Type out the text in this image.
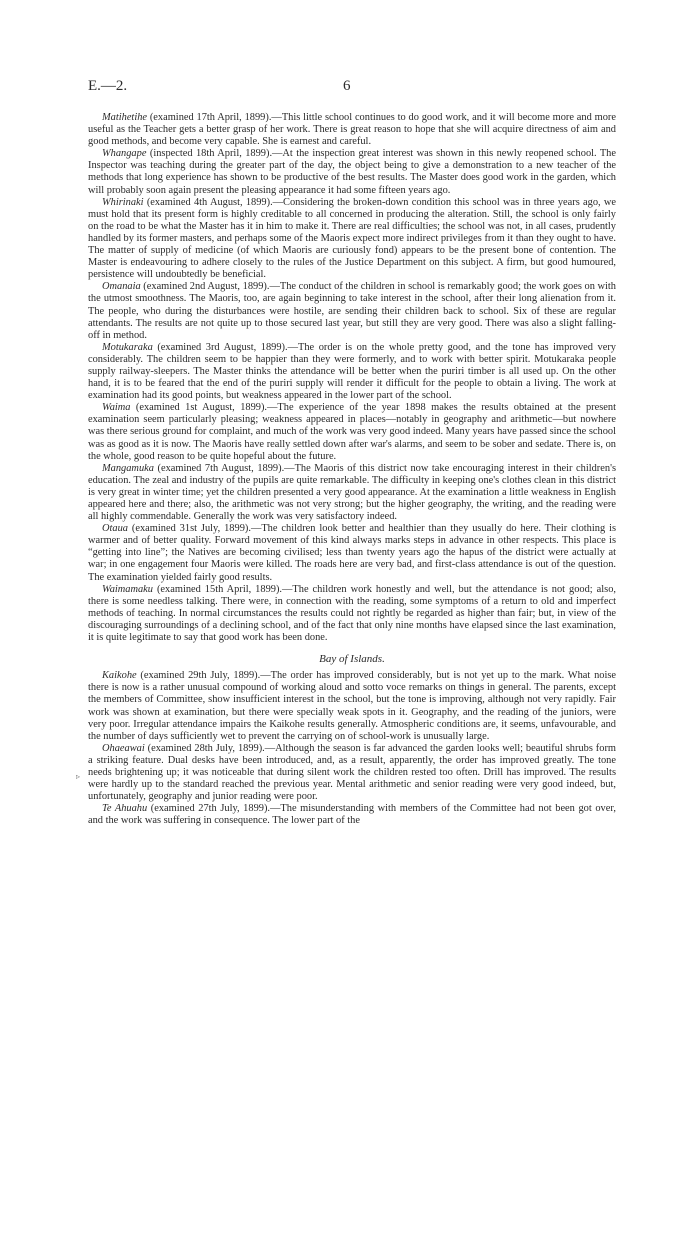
E.—2.	6
▹

Matihetihe (examined 17th April, 1899).—This little school continues to do good work, and it will become more and more useful as the Teacher gets a better grasp of her work. There is great reason to hope that she will acquire directness of aim and good methods, and become very capable. She is earnest and careful.

Whangape (inspected 18th April, 1899).—At the inspection great interest was shown in this newly reopened school. The Inspector was teaching during the greater part of the day, the object being to give a demonstration to a new teacher of the methods that long experience has shown to be productive of the best results. The Master does good work in the garden, which will probably soon again present the pleasing appearance it had some fifteen years ago.

Whirinaki (examined 4th August, 1899).—Considering the broken-down condition this school was in three years ago, we must hold that its present form is highly creditable to all concerned in producing the alteration. Still, the school is only fairly on the road to be what the Master has it in him to make it. There are real difficulties; the school was not, in all cases, prudently handled by its former masters, and perhaps some of the Maoris expect more indirect privileges from it than they ought to have. The matter of supply of medicine (of which Maoris are curiously fond) appears to be the present bone of contention. The Master is endeavouring to adhere closely to the rules of the Justice Department on this subject. A firm, but good humoured, persistence will undoubtedly be beneficial.

Omanaia (examined 2nd August, 1899).—The conduct of the children in school is remarkably good; the work goes on with the utmost smoothness. The Maoris, too, are again beginning to take interest in the school, after their long alienation from it. The people, who during the disturbances were hostile, are sending their children back to school. Six of these are regular attendants. The results are not quite up to those secured last year, but still they are very good. There was also a slight falling-off in method.

Motukaraka (examined 3rd August, 1899).—The order is on the whole pretty good, and the tone has improved very considerably. The children seem to be happier than they were formerly, and to work with better spirit. Motukaraka people supply railway-sleepers. The Master thinks the attendance will be better when the puriri timber is all used up. On the other hand, it is to be feared that the end of the puriri supply will render it difficult for the people to obtain a living. The work at examination had its good points, but weakness appeared in the lower part of the school.

Waima (examined 1st August, 1899).—The experience of the year 1898 makes the results obtained at the present examination seem particularly pleasing; weakness appeared in places—notably in geography and arithmetic—but nowhere was there serious ground for complaint, and much of the work was very good indeed. Many years have passed since the school was as good as it is now. The Maoris have really settled down after war's alarms, and seem to be sober and sedate. There is, on the whole, good reason to be quite hopeful about the future.

Mangamuka (examined 7th August, 1899).—The Maoris of this district now take encouraging interest in their children's education. The zeal and industry of the pupils are quite remarkable. The difficulty in keeping one's clothes clean in this district is very great in winter time; yet the children presented a very good appearance. At the examination a little weakness in English appeared here and there; also, the arithmetic was not very strong; but the higher geography, the writing, and the reading were all highly commendable. Generally the work was very satisfactory indeed.

Otaua (examined 31st July, 1899).—The children look better and healthier than they usually do here. Their clothing is warmer and of better quality. Forward movement of this kind always marks steps in advance in other respects. This place is “getting into line”; the Natives are becoming civilised; less than twenty years ago the hapus of the district were actually at war; in one engagement four Maoris were killed. The roads here are very bad, and first-class attendance is out of the question. The examination yielded fairly good results.

Waimamaku (examined 15th April, 1899).—The children work honestly and well, but the attendance is not good; also, there is some needless talking. There were, in connection with the reading, some symptoms of a return to old and imperfect methods of teaching. In normal circumstances the results could not rightly be regarded as higher than fair; but, in view of the discouraging surroundings of a declining school, and of the fact that only nine months have elapsed since the last examination, it is quite legitimate to say that good work has been done.

Bay of Islands.

Kaikohe (examined 29th July, 1899).—The order has improved considerably, but is not yet up to the mark. What noise there is now is a rather unusual compound of working aloud and sotto voce remarks on things in general. The parents, except the members of Committee, show insufficient interest in the school, but the tone is improving, although not very rapidly. Fair work was shown at examination, but there were specially weak spots in it. Geography, and the reading of the juniors, were very poor. Irregular attendance impairs the Kaikohe results generally. Atmospheric conditions are, it seems, unfavourable, and the number of days sufficiently wet to prevent the carrying on of school-work is unusually large.

Ohaeawai (examined 28th July, 1899).—Although the season is far advanced the garden looks well; beautiful shrubs form a striking feature. Dual desks have been introduced, and, as a result, apparently, the order has improved greatly. The tone needs brightening up; it was noticeable that during silent work the children rested too often. Drill has improved. The results were hardly up to the standard reached the previous year. Mental arithmetic and senior reading were very good indeed, but, unfortunately, geography and junior reading were poor.

Te Ahuahu (examined 27th July, 1899).—The misunderstanding with members of the Committee had not been got over, and the work was suffering in consequence. The lower part of the
